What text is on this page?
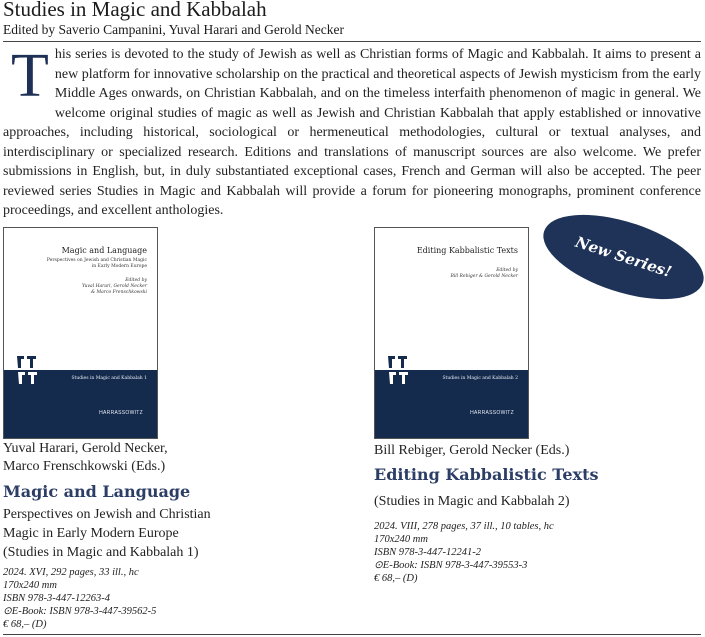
Studies in Magic and Kabbalah
Edited by Saverio Campanini, Yuval Harari and Gerold Necker
This series is devoted to the study of Jewish as well as Christian forms of Magic and Kabbalah. It aims to present a new platform for innovative scholarship on the practical and theoretical aspects of Jewish mysticism from the early Middle Ages onwards, on Christian Kabbalah, and on the timeless interfaith phenomenon of magic in general. We welcome original studies of magic as well as Jewish and Christian Kabbalah that apply established or innovative approaches, including historical, sociological or hermeneutical methodologies, cultural or textual analyses, and interdisciplinary or specialized research. Editions and translations of manuscript sources are also welcome. We prefer submissions in English, but, in duly substantiated exceptional cases, French and German will also be accepted. The peer reviewed series Studies in Magic and Kabbalah will provide a forum for pioneering monographs, prominent conference proceedings, and excellent anthologies.
Magic and Language
Perspectives on Jewish and Christian Magic
in Early Modern Europe
Edited by
Yuval Harari, Gerold Necker
& Marco Frenschkowski
Studies in Magic and Kabbalah 1
HARRASSOWITZ
Editing Kabbalistic Texts
Edited by
Bill Rebiger & Gerold Necker
Studies in Magic and Kabbalah 2
HARRASSOWITZ
New Series!
Yuval Harari, Gerold Necker,
Marco Frenschkowski (Eds.)
Magic and Language
Perspectives on Jewish and Christian
Magic in Early Modern Europe
(Studies in Magic and Kabbalah 1)
2024. XVI, 292 pages, 33 ill., hc
170x240 mm
ISBN 978-3-447-12263-4
⊙E-Book: ISBN 978-3-447-39562-5
€ 68,– (D)
Bill Rebiger, Gerold Necker (Eds.)
Editing Kabbalistic Texts
(Studies in Magic and Kabbalah 2)
2024. VIII, 278 pages, 37 ill., 10 tables, hc
170x240 mm
ISBN 978-3-447-12241-2
⊙E-Book: ISBN 978-3-447-39553-3
€ 68,– (D)
